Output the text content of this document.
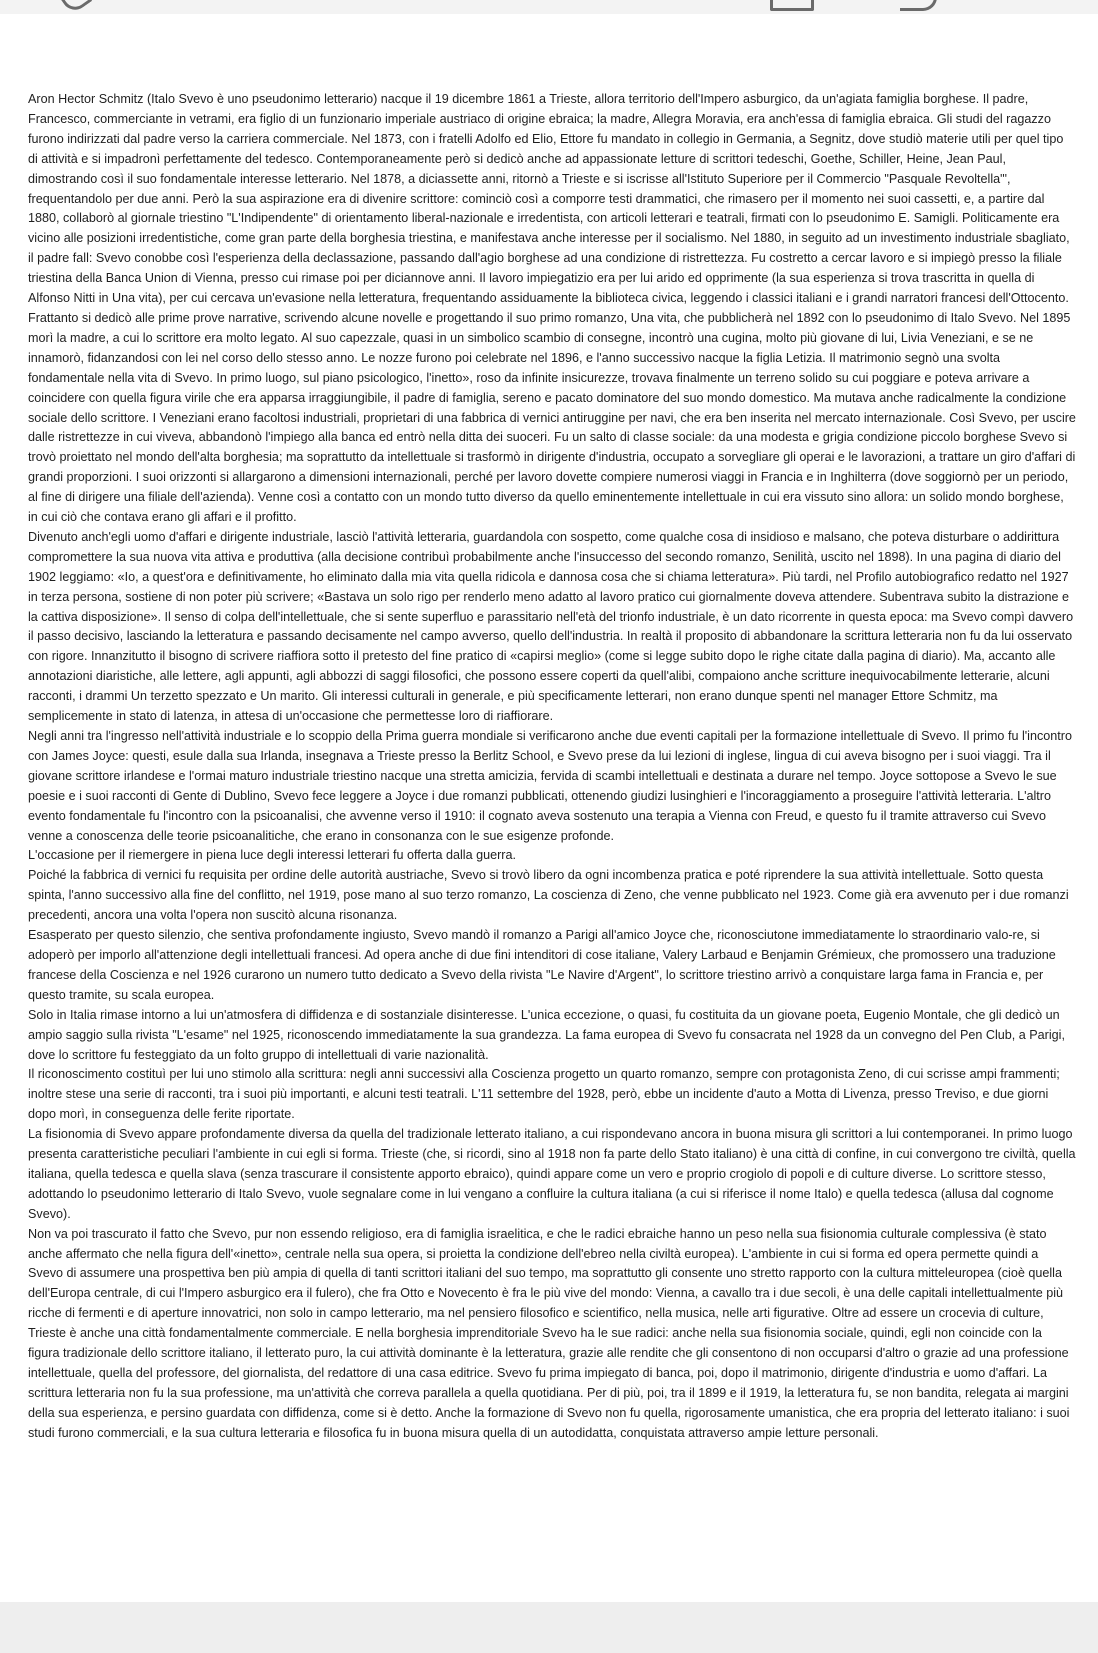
Aron Hector Schmitz (Italo Svevo è uno pseudonimo letterario) nacque il 19 dicembre 1861 a Trieste, allora territorio dell'Impero asburgico, da un'agiata famiglia borghese. Il padre, Francesco, commerciante in vetrami, era figlio di un funzionario imperiale austriaco di origine ebraica; la madre, Allegra Moravia, era anch'essa di famiglia ebraica. Gli studi del ragazzo furono indirizzati dal padre verso la carriera commerciale. Nel 1873, con i fratelli Adolfo ed Elio, Ettore fu mandato in collegio in Germania, a Segnitz, dove studiò materie utili per quel tipo di attività e si impadronì perfettamente del tedesco. Contemporaneamente però si dedicò anche ad appassionate letture di scrittori tedeschi, Goethe, Schiller, Heine, Jean Paul, dimostrando così il suo fondamentale interesse letterario. Nel 1878, a diciassette anni, ritornò a Trieste e si iscrisse all'Istituto Superiore per il Commercio "Pasquale Revoltella"', frequentandolo per due anni. Però la sua aspirazione era di divenire scrittore: cominciò così a comporre testi drammatici, che rimasero per il momento nei suoi cassetti, e, a partire dal 1880, collaborò al giornale triestino "L'Indipendente" di orientamento liberal-nazionale e irredentista, con articoli letterari e teatrali, firmati con lo pseudonimo E. Samigli. Politicamente era vicino alle posizioni irredentistiche, come gran parte della borghesia triestina, e manifestava anche interesse per il socialismo. Nel 1880, in seguito ad un investimento industriale sbagliato, il padre fall: Svevo conobbe così l'esperienza della declassazione, passando dall'agio borghese ad una condizione di ristrettezza. Fu costretto a cercar lavoro e si impiegò presso la filiale triestina della Banca Union di Vienna, presso cui rimase poi per diciannove anni. Il lavoro impiegatizio era per lui arido ed opprimente (la sua esperienza si trova trascritta in quella di Alfonso Nitti in Una vita), per cui cercava un'evasione nella letteratura, frequentando assiduamente la biblioteca civica, leggendo i classici italiani e i grandi narratori francesi dell'Ottocento. Frattanto si dedicò alle prime prove narrative, scrivendo alcune novelle e progettando il suo primo romanzo, Una vita, che pubblicherà nel 1892 con lo pseudonimo di Italo Svevo. Nel 1895 morì la madre, a cui lo scrittore era molto legato. Al suo capezzale, quasi in un simbolico scambio di consegne, incontrò una cugina, molto più giovane di lui, Livia Veneziani, e se ne innamorò, fidanzandosi con lei nel corso dello stesso anno. Le nozze furono poi celebrate nel 1896, e l'anno successivo nacque la figlia Letizia. Il matrimonio segnò una svolta fondamentale nella vita di Svevo. In primo luogo, sul piano psicologico, l'inetto», roso da infinite insicurezze, trovava finalmente un terreno solido su cui poggiare e poteva arrivare a coincidere con quella figura virile che era apparsa irraggiungibile, il padre di famiglia, sereno e pacato dominatore del suo mondo domestico. Ma mutava anche radicalmente la condizione sociale dello scrittore. I Veneziani erano facoltosi industriali, proprietari di una fabbrica di vernici antiruggine per navi, che era ben inserita nel mercato internazionale. Così Svevo, per uscire dalle ristrettezze in cui viveva, abbandonò l'impiego alla banca ed entrò nella ditta dei suoceri. Fu un salto di classe sociale: da una modesta e grigia condizione piccolo borghese Svevo si trovò proiettato nel mondo dell'alta borghesia; ma soprattutto da intellettuale si trasformò in dirigente d'industria, occupato a sorvegliare gli operai e le lavorazioni, a trattare un giro d'affari di grandi proporzioni. I suoi orizzonti si allargarono a dimensioni internazionali, perché per lavoro dovette compiere numerosi viaggi in Francia e in Inghilterra (dove soggiornò per un periodo, al fine di dirigere una filiale dell'azienda). Venne così a contatto con un mondo tutto diverso da quello eminentemente intellettuale in cui era vissuto sino allora: un solido mondo borghese, in cui ciò che contava erano gli affari e il profitto.

Divenuto anch'egli uomo d'affari e dirigente industriale, lasciò l'attività letteraria, guardandola con sospetto, come qualche cosa di insidioso e malsano, che poteva disturbare o addirittura compromettere la sua nuova vita attiva e produttiva (alla decisione contribuì probabilmente anche l'insuccesso del secondo romanzo, Senilità, uscito nel 1898). In una pagina di diario del 1902 leggiamo: «Io, a quest'ora e definitivamente, ho eliminato dalla mia vita quella ridicola e dannosa cosa che si chiama letteratura». Più tardi, nel Profilo autobiografico redatto nel 1927 in terza persona, sostiene di non poter più scrivere; «Bastava un solo rigo per renderlo meno adatto al lavoro pratico cui giornalmente doveva attendere. Subentrava subito la distrazione e la cattiva disposizione». Il senso di colpa dell'intellettuale, che si sente superfluo e parassitario nell'età del trionfo industriale, è un dato ricorrente in questa epoca: ma Svevo compì davvero il passo decisivo, lasciando la letteratura e passando decisamente nel campo avverso, quello dell'industria. In realtà il proposito di abbandonare la scrittura letteraria non fu da lui osservato con rigore. Innanzitutto il bisogno di scrivere riaffiora sotto il pretesto del fine pratico di «capirsi meglio» (come si legge subito dopo le righe citate dalla pagina di diario). Ma, accanto alle annotazioni diaristiche, alle lettere, agli appunti, agli abbozzi di saggi filosofici, che possono essere coperti da quell'alibi, compaiono anche scritture inequivocabilmente letterarie, alcuni racconti, i drammi Un terzetto spezzato e Un marito. Gli interessi culturali in generale, e più specificamente letterari, non erano dunque spenti nel manager Ettore Schmitz, ma semplicemente in stato di latenza, in attesa di un'occasione che permettesse loro di riaffiorare.

Negli anni tra l'ingresso nell'attività industriale e lo scoppio della Prima guerra mondiale si verificarono anche due eventi capitali per la formazione intellettuale di Svevo. Il primo fu l'incontro con James Joyce: questi, esule dalla sua Irlanda, insegnava a Trieste presso la Berlitz School, e Svevo prese da lui lezioni di inglese, lingua di cui aveva bisogno per i suoi viaggi. Tra il giovane scrittore irlandese e l'ormai maturo industriale triestino nacque una stretta amicizia, fervida di scambi intellettuali e destinata a durare nel tempo. Joyce sottopose a Svevo le sue poesie e i suoi racconti di Gente di Dublino, Svevo fece leggere a Joyce i due romanzi pubblicati, ottenendo giudizi lusinghieri e l'incoraggiamento a proseguire l'attività letteraria. L'altro evento fondamentale fu l'incontro con la psicoanalisi, che avvenne verso il 1910: il cognato aveva sostenuto una terapia a Vienna con Freud, e questo fu il tramite attraverso cui Svevo venne a conoscenza delle teorie psicoanalitiche, che erano in consonanza con le sue esigenze profonde.

L'occasione per il riemergere in piena luce degli interessi letterari fu offerta dalla guerra.

Poiché la fabbrica di vernici fu requisita per ordine delle autorità austriache, Svevo si trovò libero da ogni incombenza pratica e poté riprendere la sua attività intellettuale. Sotto questa spinta, l'anno successivo alla fine del conflitto, nel 1919, pose mano al suo terzo romanzo, La coscienza di Zeno, che venne pubblicato nel 1923. Come già era avvenuto per i due romanzi precedenti, ancora una volta l'opera non suscitò alcuna risonanza.

Esasperato per questo silenzio, che sentiva profondamente ingiusto, Svevo mandò il romanzo a Parigi all'amico Joyce che, riconosciutone immediatamente lo straordinario valo-re, si adoperò per imporlo all'attenzione degli intellettuali francesi. Ad opera anche di due fini intenditori di cose italiane, Valery Larbaud e Benjamin Grémieux, che promossero una traduzione francese della Coscienza e nel 1926 curarono un numero tutto dedicato a Svevo della rivista "Le Navire d'Argent", lo scrittore triestino arrivò a conquistare larga fama in Francia e, per questo tramite, su scala europea.

Solo in Italia rimase intorno a lui un'atmosfera di diffidenza e di sostanziale disinteresse. L'unica eccezione, o quasi, fu costituita da un giovane poeta, Eugenio Montale, che gli dedicò un ampio saggio sulla rivista "L'esame" nel 1925, riconoscendo immediatamente la sua grandezza. La fama europea di Svevo fu consacrata nel 1928 da un convegno del Pen Club, a Parigi, dove lo scrittore fu festeggiato da un folto gruppo di intellettuali di varie nazionalità.

Il riconoscimento costituì per lui uno stimolo alla scrittura: negli anni successivi alla Coscienza progetto un quarto romanzo, sempre con protagonista Zeno, di cui scrisse ampi frammenti; inoltre stese una serie di racconti, tra i suoi più importanti, e alcuni testi teatrali. L'11 settembre del 1928, però, ebbe un incidente d'auto a Motta di Livenza, presso Treviso, e due giorni dopo morì, in conseguenza delle ferite riportate.

La fisionomia di Svevo appare profondamente diversa da quella del tradizionale letterato italiano, a cui rispondevano ancora in buona misura gli scrittori a lui contemporanei. In primo luogo presenta caratteristiche peculiari l'ambiente in cui egli si forma. Trieste (che, si ricordi, sino al 1918 non fa parte dello Stato italiano) è una città di confine, in cui convergono tre civiltà, quella italiana, quella tedesca e quella slava (senza trascurare il consistente apporto ebraico), quindi appare come un vero e proprio crogiolo di popoli e di culture diverse. Lo scrittore stesso, adottando lo pseudonimo letterario di Italo Svevo, vuole segnalare come in lui vengano a confluire la cultura italiana (a cui si riferisce il nome Italo) e quella tedesca (allusa dal cognome Svevo).

Non va poi trascurato il fatto che Svevo, pur non essendo religioso, era di famiglia israelitica, e che le radici ebraiche hanno un peso nella sua fisionomia culturale complessiva (è stato anche affermato che nella figura dell'«inetto», centrale nella sua opera, si proietta la condizione dell'ebreo nella civiltà europea). L'ambiente in cui si forma ed opera permette quindi a Svevo di assumere una prospettiva ben più ampia di quella di tanti scrittori italiani del suo tempo, ma soprattutto gli consente uno stretto rapporto con la cultura mitteleuropea (cioè quella dell'Europa centrale, di cui l'Impero asburgico era il fulero), che fra Otto e Novecento è fra le più vive del mondo: Vienna, a cavallo tra i due secoli, è una delle capitali intellettualmente più ricche di fermenti e di aperture innovatrici, non solo in campo letterario, ma nel pensiero filosofico e scientifico, nella musica, nelle arti figurative. Oltre ad essere un crocevia di culture, Trieste è anche una città fondamentalmente commerciale. E nella borghesia imprenditoriale Svevo ha le sue radici: anche nella sua fisionomia sociale, quindi, egli non coincide con la figura tradizionale dello scrittore italiano, il letterato puro, la cui attività dominante è la letteratura, grazie alle rendite che gli consentono di non occuparsi d'altro o grazie ad una professione intellettuale, quella del professore, del giornalista, del redattore di una casa editrice. Svevo fu prima impiegato di banca, poi, dopo il matrimonio, dirigente d'industria e uomo d'affari. La scrittura letteraria non fu la sua professione, ma un'attività che correva parallela a quella quotidiana. Per di più, poi, tra il 1899 e il 1919, la letteratura fu, se non bandita, relegata ai margini della sua esperienza, e persino guardata con diffidenza, come si è detto. Anche la formazione di Svevo non fu quella, rigorosamente umanistica, che era propria del letterato italiano: i suoi studi furono commerciali, e la sua cultura letteraria e filosofica fu in buona misura quella di un autodidatta, conquistata attraverso ampie letture personali.
